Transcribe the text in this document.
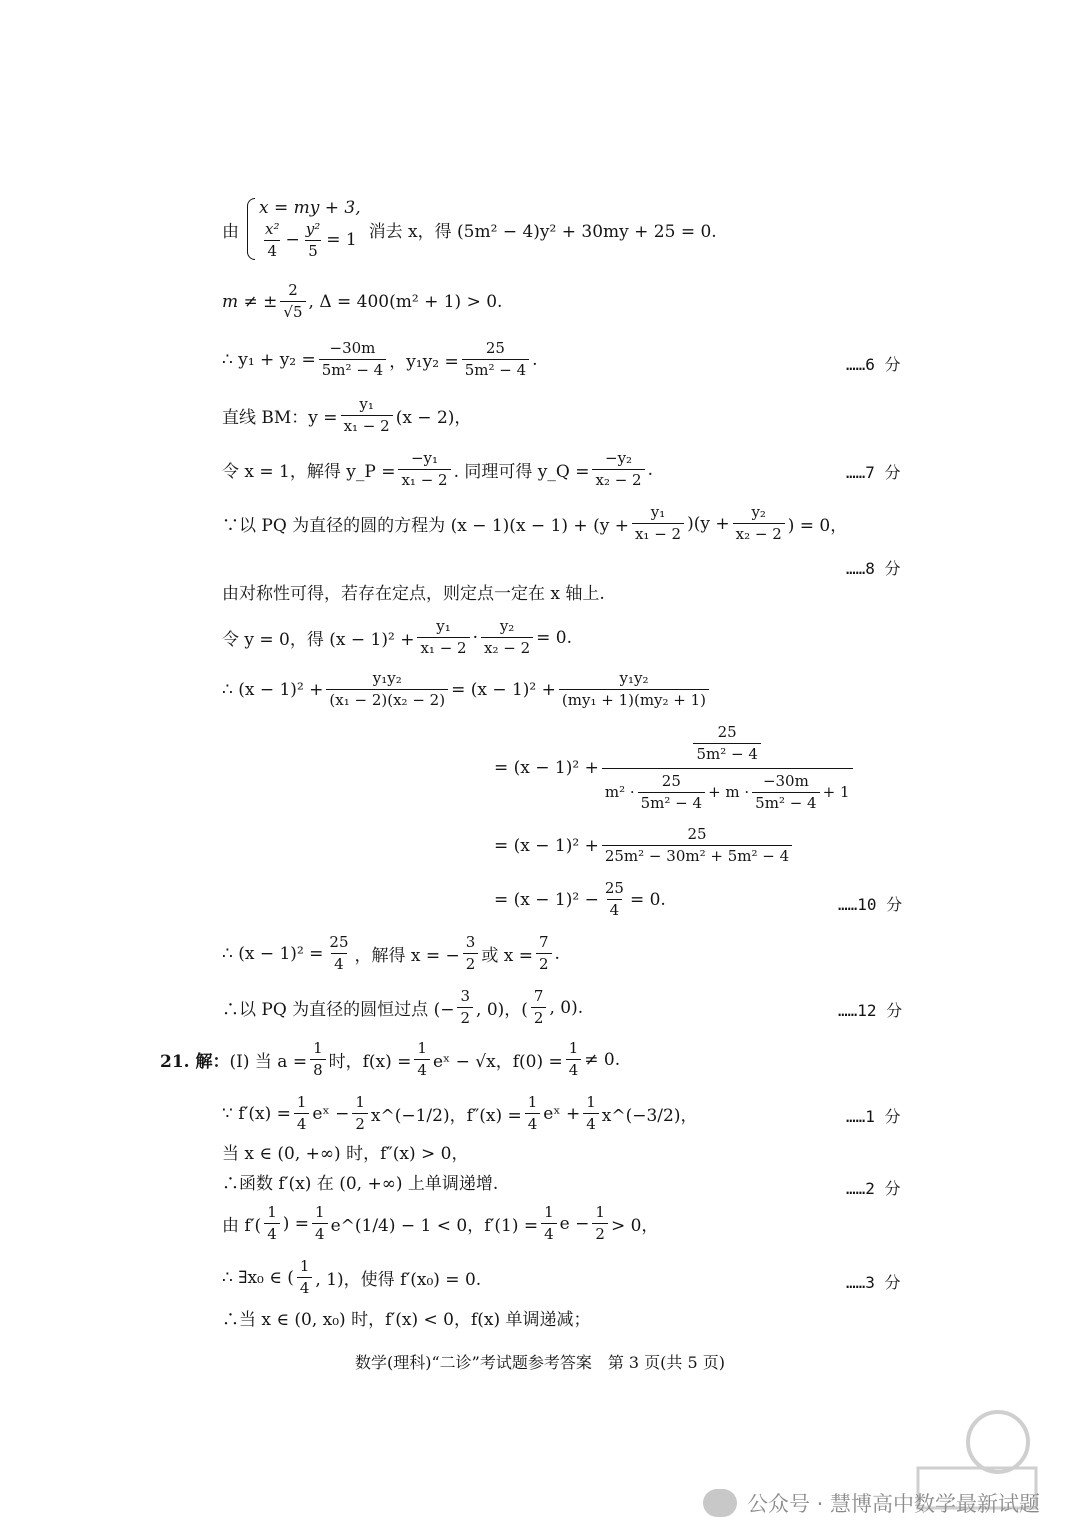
由
x = my + 3,
$\frac{\text{x²}}{4} - \frac{\text{y²}}{5} = 1$ 消去 x，得 (5m² − 4)y² + 30my + 25 = 0.
m ≠ ± $\frac{2}{√5}$ , Δ = 400(m² + 1) > 0.
∴ $y_1 + y_2 = \frac{-30m}{\text{5m² − 4}}$ ，$y_1y_2 = \frac{25}{\text{5m² − 4}}$ .	……6 分
直线 BM：$y = \frac{\text{y₁}}{\text{x₁ − 2}} (x - 2)$，
令 x = 1，解得 y_P = $\frac{\text{−y₁}}{\text{x₁ − 2}}$ . 同理可得 y_Q = $\frac{\text{−y₂}}{\text{x₂ − 2}}$ .	……7 分
∵以 PQ 为直径的圆的方程为 $(x - 1)(x - 1) + (y + \frac{\text{y₁}}{\text{x₁ − 2}} )(y + \frac{\text{y₂}}{\text{x₂ − 2}}$ ) = 0，
……8 分
由对称性可得，若存在定点，则定点一定在 x 轴上.
令 y = 0，得 $(x - 1)^2 + \frac{\text{y₁}}{\text{x₁ − 2}} \cdot \frac{\text{y₂}}{\text{x₂ − 2}} = 0$.
∴ $(x - 1)^2 + \frac{\text{y₁y₂}}{\text{(x₁ − 2)(x₂ − 2)}} = (x - 1)^2 + \frac{\text{y₁y₂}}{\text{(my₁ + 1)(my₂ + 1)}}$
= (x − 1)² +
$\frac{25}{\text{5m² − 4}}$
$m^2 \cdot \frac{25}{\text{5m² − 4}} + m \cdot \frac{-30m}{\text{5m² − 4}} + 1$
= $(x - 1)^2 + \frac{25}{\text{25m² − 30m² + 5m² − 4}}$
= $(x - 1)^2 - \frac{25}{4} = 0$.	……10 分
∴ $(x - 1)^2 = \frac{25}{4}$ ，解得 x = − $\frac{3}{2}$ 或 $x = \frac{7}{2}$ .
∴以 PQ 为直径的圆恒过点 (− $\frac{3}{2}$ , 0)，( $\frac{7}{2}$ , 0).	……12 分
21. 解： (Ⅰ) 当 $a = \frac{1}{8}$ 时，$f(x) = \frac{1}{4}$ eˣ − √x，$f(0) = \frac{1}{4} \ne 0$.
∵ $f'(x) = \frac{1}{4}$ eˣ − $\frac{1}{2}$ x^(−1/2)，$f''(x) = \frac{1}{4}$ eˣ + $\frac{1}{4}$ x^(−3/2)，	……1 分
当 x ∈ (0, +∞) 时，f″(x) > 0，
∴函数 f′(x) 在 (0, +∞) 上单调递增.	……2 分
由 $f'( \frac{1}{4}$ ) = $\frac{1}{4}$ e^(1/4) − 1 < 0，$f'(1) = \frac{1}{4}$ $e - \frac{1}{2} > 0$，
∴ ∃x₀ ∈ ( $\frac{1}{4}$ , 1)，使得 f′(x₀) = 0.	……3 分
∴当 x ∈ (0, x₀) 时，f′(x) < 0，f(x) 单调递减；
数学(理科)“二诊”考试题参考答案　第 3 页(共 5 页)
公众号 · 慧博高中数学最新试题
